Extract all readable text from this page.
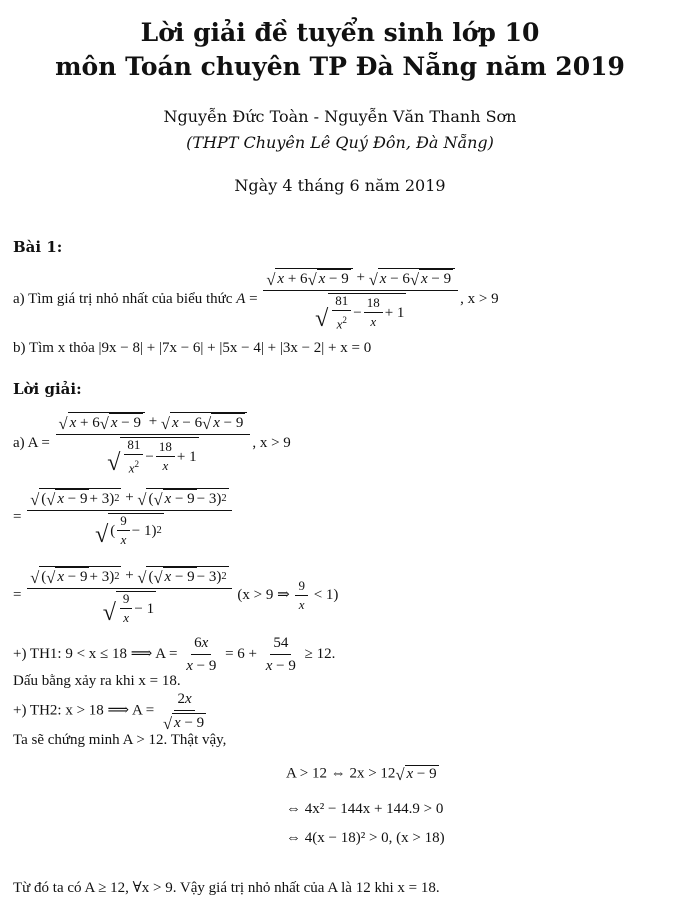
Lời giải đề tuyển sinh lớp 10
môn Toán chuyên TP Đà Nẵng năm 2019
Nguyễn Đức Toàn - Nguyễn Văn Thanh Sơn
(THPT Chuyên Lê Quý Đôn, Đà Nẵng)
Ngày 4 tháng 6 năm 2019
Bài 1:
a) Tìm giá trị nhỏ nhất của biểu thức $A = \frac{√ x + 6 √ x - 9 + √ x - 6 √ x - 9}{√ \frac{81}{x^2} - \frac{18}{x} + 1}$ , x > 9
b) Tìm x thỏa |9x − 8| + |7x − 6| + |5x − 4| + |3x − 2| + x = 0
Lời giải:
a) $A = \frac{√ x + 6 √ x - 9 + √ x - 6 √ x - 9}{√ \frac{81}{x^2} - \frac{18}{x} + 1}$ , x > 9
= $\frac{√ ( √ x - 9 + 3) 2 + √ ( √ x - 9 - 3) 2}{√ ( \frac{9}{x} - 1) 2}$
= $\frac{√ ( √ x - 9 + 3) 2 + √ ( √ x - 9 - 3) 2}{√ \frac{9}{x} - 1} (x > 9$ ⇒ $\frac{9}{x} < 1$)
+) TH1: 9 < x ≤ 18 ⟹ $A = \frac{6x}{x - 9} = 6 + \frac{54}{x - 9} \ge 12$.
Dấu bằng xảy ra khi x = 18.
+) TH2: x > 18 ⟹ $A = \frac{2x}{√ x - 9}$
Ta sẽ chứng minh A > 12. Thật vậy,
A > 12 ⇔ 2x > 12 √ x − 9
⇔ 4x² − 144x + 144.9 > 0
⇔ 4(x − 18)² > 0, (x > 18)
Từ đó ta có A ≥ 12, ∀x > 9. Vậy giá trị nhỏ nhất của A là 12 khi x = 18.
